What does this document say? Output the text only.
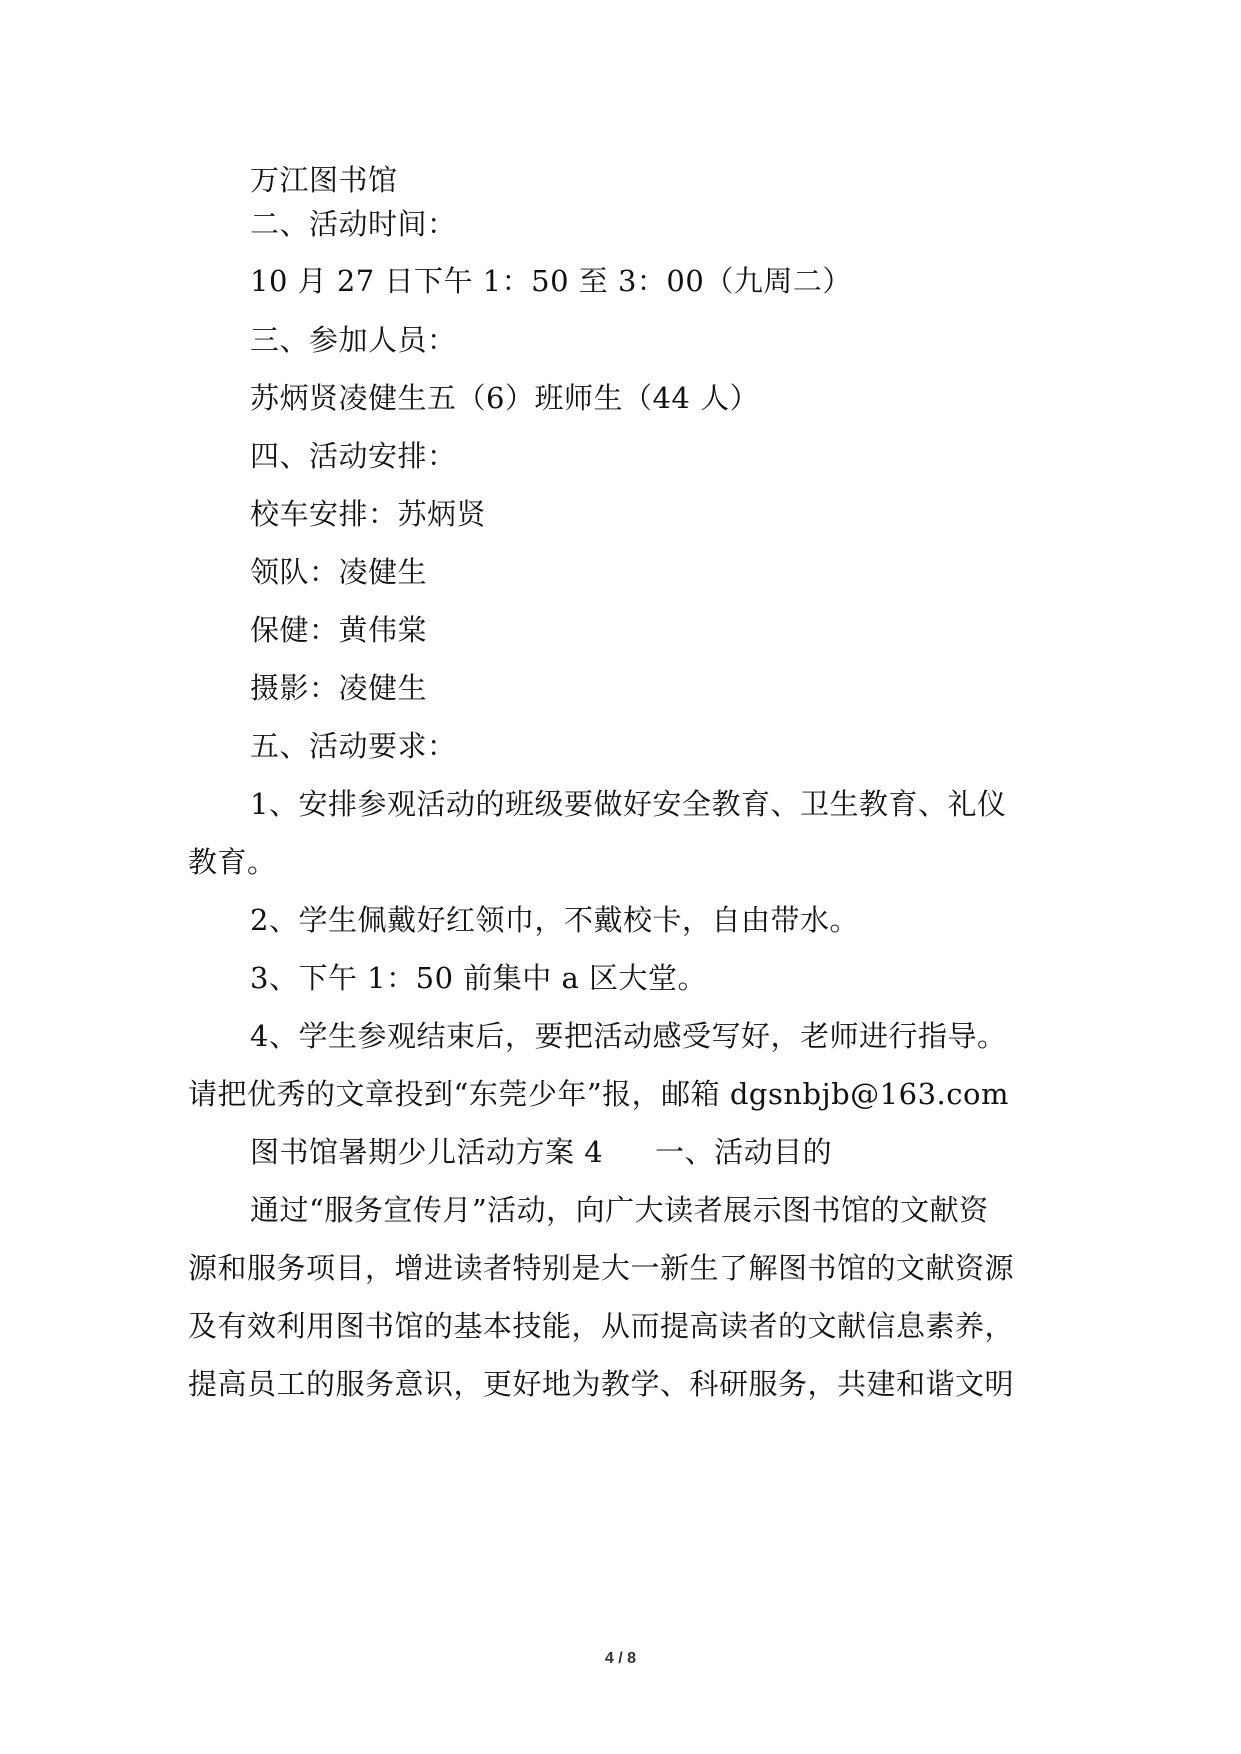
万江图书馆
二、活动时间：
10 月 27 日下午 1：50 至 3：00（九周二）
三、参加人员：
苏炳贤凌健生五（6）班师生（44 人）
四、活动安排：
校车安排：苏炳贤
领队：凌健生
保健：黄伟棠
摄影：凌健生
五、活动要求：
1、安排参观活动的班级要做好安全教育、卫生教育、礼仪
教育。
2、学生佩戴好红领巾，不戴校卡，自由带水。
3、下午 1：50 前集中 a 区大堂。
4、学生参观结束后，要把活动感受写好，老师进行指导。
请把优秀的文章投到“东莞少年”报，邮箱 dgsnbjb@163.com
图书馆暑期少儿活动方案 4 一、活动目的
通过“服务宣传月”活动，向广大读者展示图书馆的文献资
源和服务项目，增进读者特别是大一新生了解图书馆的文献资源
及有效利用图书馆的基本技能，从而提高读者的文献信息素养，
提高员工的服务意识，更好地为教学、科研服务，共建和谐文明
4 / 8
